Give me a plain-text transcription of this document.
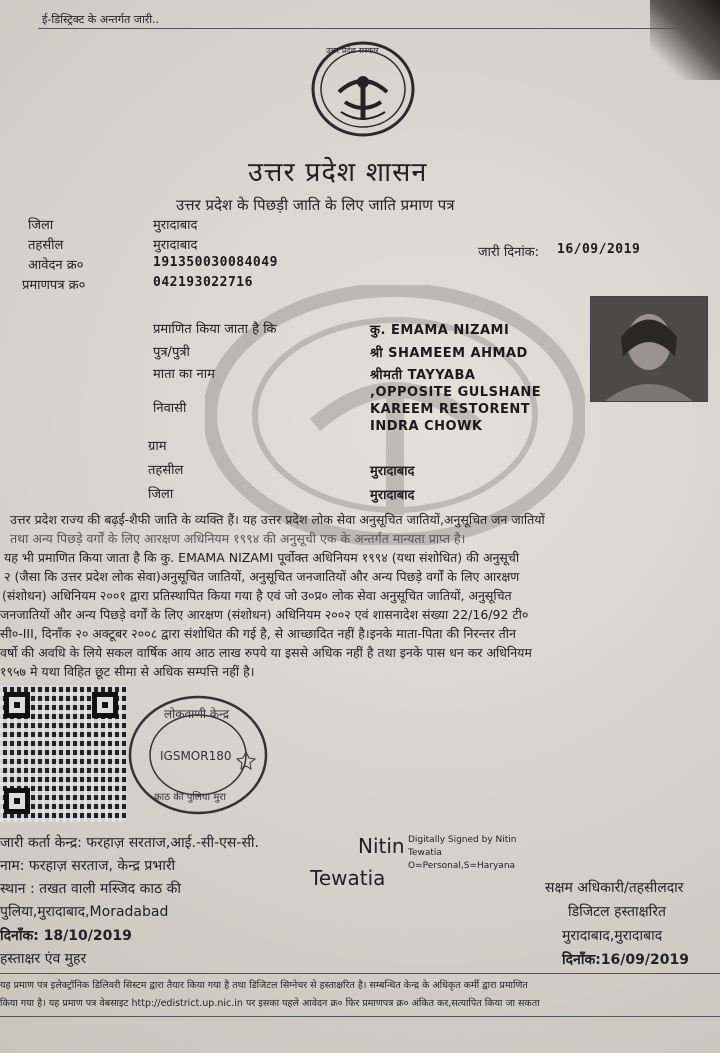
ई-डिस्ट्रिक्ट के अन्तर्गत जारी..
उत्तर प्रदेश सरकार
उत्तर प्रदेश शासन
उत्तर प्रदेश के पिछड़ी जाति के लिए जाति प्रमाण पत्र
जिला	मुरादाबाद
तहसील	मुरादाबाद
आवेदन क्र०	191350030084049
प्रमाणपत्र क्र०	042193022716
जारी दिनांक: 16/09/2019
प्रमाणित किया जाता है कि	कु. EMAMA NIZAMI
पुत्र/पुत्री	श्री SHAMEEM AHMAD
माता का नाम	श्रीमती TAYYABA
निवासी
,OPPOSITE GULSHANE
KAREEM RESTORENT
INDRA CHOWK
ग्राम
तहसील	मुरादाबाद
जिला	मुरादाबाद
उत्तर प्रदेश राज्य की बढ़ई-शैफी जाति के व्यक्ति हैं। यह उत्तर प्रदेश लोक सेवा अनुसूचित जातियों,अनुसूचित जन जातियों
तथा अन्य पिछड़े वर्गों के लिए आरक्षण अधिनियम १९९४ की अनुसूची एक के अन्तर्गत मान्यता प्राप्त है।
यह भी प्रमाणित किया जाता है कि कु. EMAMA NIZAMI पूर्वोक्त अधिनियम १९९४ (यथा संशोधित) की अनुसूची
२ (जैसा कि उत्तर प्रदेश लोक सेवा)अनुसूचित जातियों, अनुसूचित जनजातियों और अन्य पिछड़े वर्गों के लिए आरक्षण
(संशोधन) अधिनियम २००१ द्वारा प्रतिस्थापित किया गया है एवं जो उ०प्र० लोक सेवा अनुसूचित जातियों, अनुसूचित
जनजातियों और अन्य पिछड़े वर्गों के लिए आरक्षण (संशोधन) अधिनियम २००२ एवं शासनादेश संख्या 22/16/92 टी०
सी०-III, दिनाँक २० अक्टूबर २००८ द्वारा संशोधित की गई है, से आच्छादित नहीं है।इनके माता-पिता की निरन्तर तीन
वर्षो की अवधि के लिये सकल वार्षिक आय आठ लाख रुपये या इससे अधिक नहीं है तथा इनके पास धन कर अधिनियम
१९५७ मे यथा विहित छूट सीमा से अधिक सम्पत्ति नहीं है।
लोकवाणी केन्द्र
IGSMOR180
काठ की पुलिया मुरा
जारी कर्ता केन्द्र: फरहाज़ सरताज,आई.-सी-एस-सी.
नाम: फरहाज़ सरताज, केन्द्र प्रभारी
स्थान : तखत वाली मस्जिद काठ की
पुलिया,मुरादाबाद,Moradabad
दिनाँक: 18/10/2019
हस्ताक्षर एंव मुहर
Nitin
Tewatia
Digitally Signed by Nitin
Tewatia
O=Personal,S=Haryana
सक्षम अधिकारी/तहसीलदार
डिजिटल हस्ताक्षरित
मुरादाबाद,मुरादाबाद
दिनाँक:16/09/2019
यह प्रमाण पत्र इलेक्ट्रॉनिक डिलिवरी सिस्टम द्वारा तैयार किया गया है तथा डिजिटल सिग्नेचर से हस्ताक्षरित है। सम्बन्धित केन्द्र के अधिकृत कर्मी द्वारा प्रमाणित
किया गया है। यह प्रमाण पत्र वेबसाइट http://edistrict.up.nic.in पर इसका पहले आवेदन क्र० फिर प्रमाणपत्र क्र० अंकित कर,सत्यापित किया जा सकता
